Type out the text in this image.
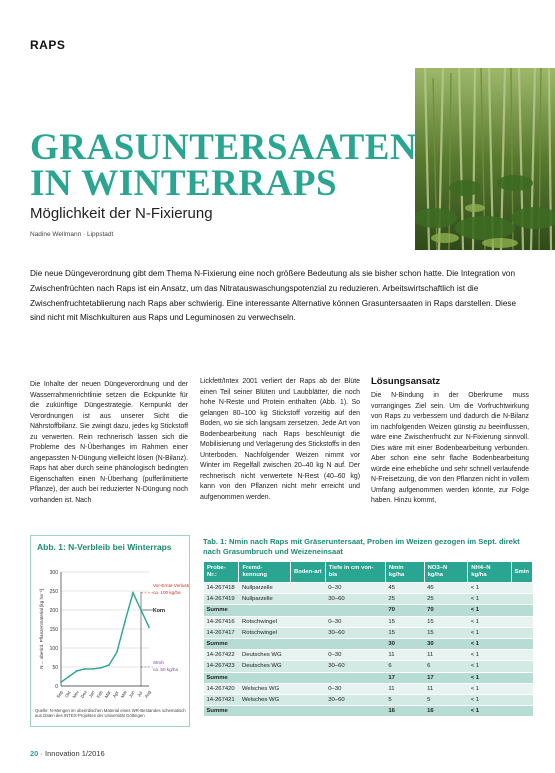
RAPS
GRASUNTERSAATEN
IN WINTERRAPS
Möglichkeit der N-Fixierung
Nadine Wellmann · Lippstadt
Die neue Düngeverordnung gibt dem Thema N-Fixierung eine noch größere Bedeutung als sie bisher schon hatte. Die Integration von Zwischenfrüchten nach Raps ist ein Ansatz, um das Nitratauswaschungspotenzial zu reduzieren. Arbeitswirtschaftlich ist die Zwischenfruchtetablierung nach Raps aber schwierig. Eine interessante Alternative können Grasuntersaaten in Raps darstellen. Diese sind nicht mit Mischkulturen aus Raps und Leguminosen zu verwechseln.
Die Inhalte der neuen Düngeverordnung und der Wasserrahmenrichtlinie setzen die Eckpunkte für die zukünftige Düngestrategie. Kernpunkt der Verordnungen ist aus unserer Sicht die Nährstoffbilanz. Sie zwingt dazu, jedes kg Stickstoff zu verwerten. Rein rechnerisch lassen sich die Probleme des N-Überhanges im Rahmen einer angepassten N-Düngung vielleicht lösen (N-Bilanz). Raps hat aber durch seine phänologisch bedingten Eigenschaften einen N-Überhang (pufferlimitierte Pflanze), der auch bei reduzierter N-Düngung noch vorhanden ist. Nach
Lickfett/Intex 2001 verliert der Raps ab der Blüte einen Teil seiner Blüten und Laubblätter, die noch hohe N-Reste und Protein enthalten (Abb. 1). So gelangen 80–100 kg Stickstoff vorzeitig auf den Boden, wo sie sich langsam zersetzen. Jede Art von Bodenbearbeitung nach Raps beschleunigt die Mobilisierung und Verlagerung des Stickstoffs in den Unterboden. Nachfolgender Weizen nimmt vor Winter im Regelfall zwischen 20–40 kg N auf. Der rechnerisch nicht verwertete N-Rest (40–60 kg) kann von den Pflanzen nicht mehr erreicht und aufgenommen werden.
Lösungsansatz
Die N-Bindung in der Oberkrume muss vorranginges Ziel sein. Um die Vorfruchtwirkung von Raps zu verbessern und dadurch die N-Bilanz im nachfolgenden Weizen günstig zu beeinflussen, wäre eine Zwischenfrucht zur N-Fixierung sinnvoll. Dies wäre mit einer Bodenbearbeitung verbunden. Aber schon eine sehr flache Bodenbearbeitung würde eine erhebliche und sehr schnell verlaufende N-Freisetzung, die von den Pflanzen nicht in vollem Umfang aufgenommen werden könnte, zur Folge haben. Hinzu kommt,
Abb. 1: N-Verbleib bei Winterraps
0
50
100
150
200
250
300
N ... oberird. Pflanzenmaterial [kg ha⁻¹]
Sep Okt Nov Dez Jan Feb Mär Apr Mai Jun Jul Aug
Vor-Ernte-Verluste
ca. 100 kg/ha
Korn
Stroh
ca. 50 kg/ha
Quelle: N-Mengen im oberirdischen Material eines WR-Bestandes schematisch aus Daten des INTEX-Projektes der Universität Göttingen
Tab. 1: Nmin nach Raps mit Gräseruntersaat, Proben im Weizen gezogen im Sept. direkt nach Grasumbruch und Weizeneinsaat
Probe-Nr.:	Fremd-kennung	Boden-art	Tiefe in cm von-bis	Nmin kg/ha	NO3–N kg/ha	NH4–N kg/ha	Smin
14-267418	Nullparzelle		0–30	45	45	< 1	
14-267419	Nullparzelle		30–60	25	25	< 1	
Summe				70	70	< 1	
14-267416	Rotschwingel		0–30	15	15	< 1	
14-267417	Rotschwingel		30–60	15	15	< 1	
Summe				30	30	< 1	
14-267422	Deutsches WG		0–30	11	11	< 1	
14-267423	Deutsches WG		30–60	6	6	< 1	
Summe				17	17	< 1	
14-267420	Welsches WG		0–30	11	11	< 1	
14-267421	Welsches WG		30–60	5	5	< 1	
Summe				16	16	< 1	
20 · Innovation 1/2016
